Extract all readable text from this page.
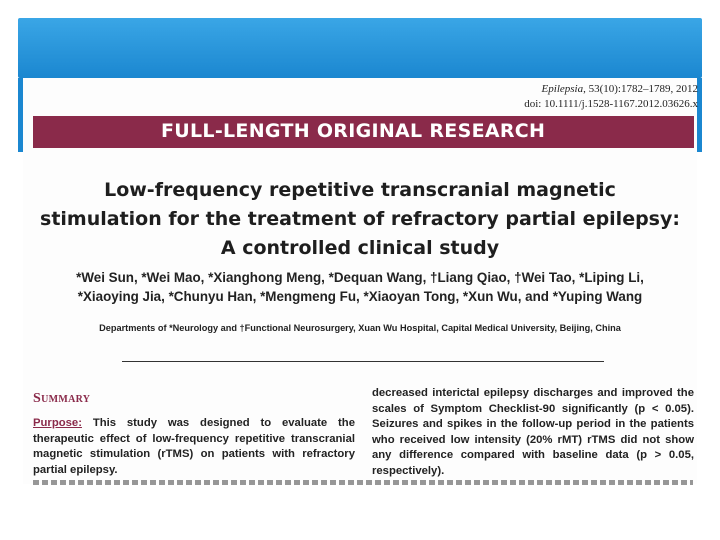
Epilepsia, 53(10):1782–1789, 2012
doi: 10.1111/j.1528-1167.2012.03626.x
FULL-LENGTH ORIGINAL RESEARCH
Low-frequency repetitive transcranial magnetic
stimulation for the treatment of refractory partial epilepsy:
A controlled clinical study
*Wei Sun, *Wei Mao, *Xianghong Meng, *Dequan Wang, †Liang Qiao, †Wei Tao, *Liping Li,
*Xiaoying Jia, *Chunyu Han, *Mengmeng Fu, *Xiaoyan Tong, *Xun Wu, and *Yuping Wang
Departments of *Neurology and †Functional Neurosurgery, Xuan Wu Hospital, Capital Medical University, Beijing, China
Summary
Purpose: This study was designed to evaluate the therapeutic effect of low-frequency repetitive transcranial magnetic stimulation (rTMS) on patients with refractory partial epilepsy.
decreased interictal epilepsy discharges and improved the scales of Symptom Checklist-90 significantly (p < 0.05). Seizures and spikes in the follow-up period in the patients who received low intensity (20% rMT) rTMS did not show any difference compared with baseline data (p > 0.05, respectively).
